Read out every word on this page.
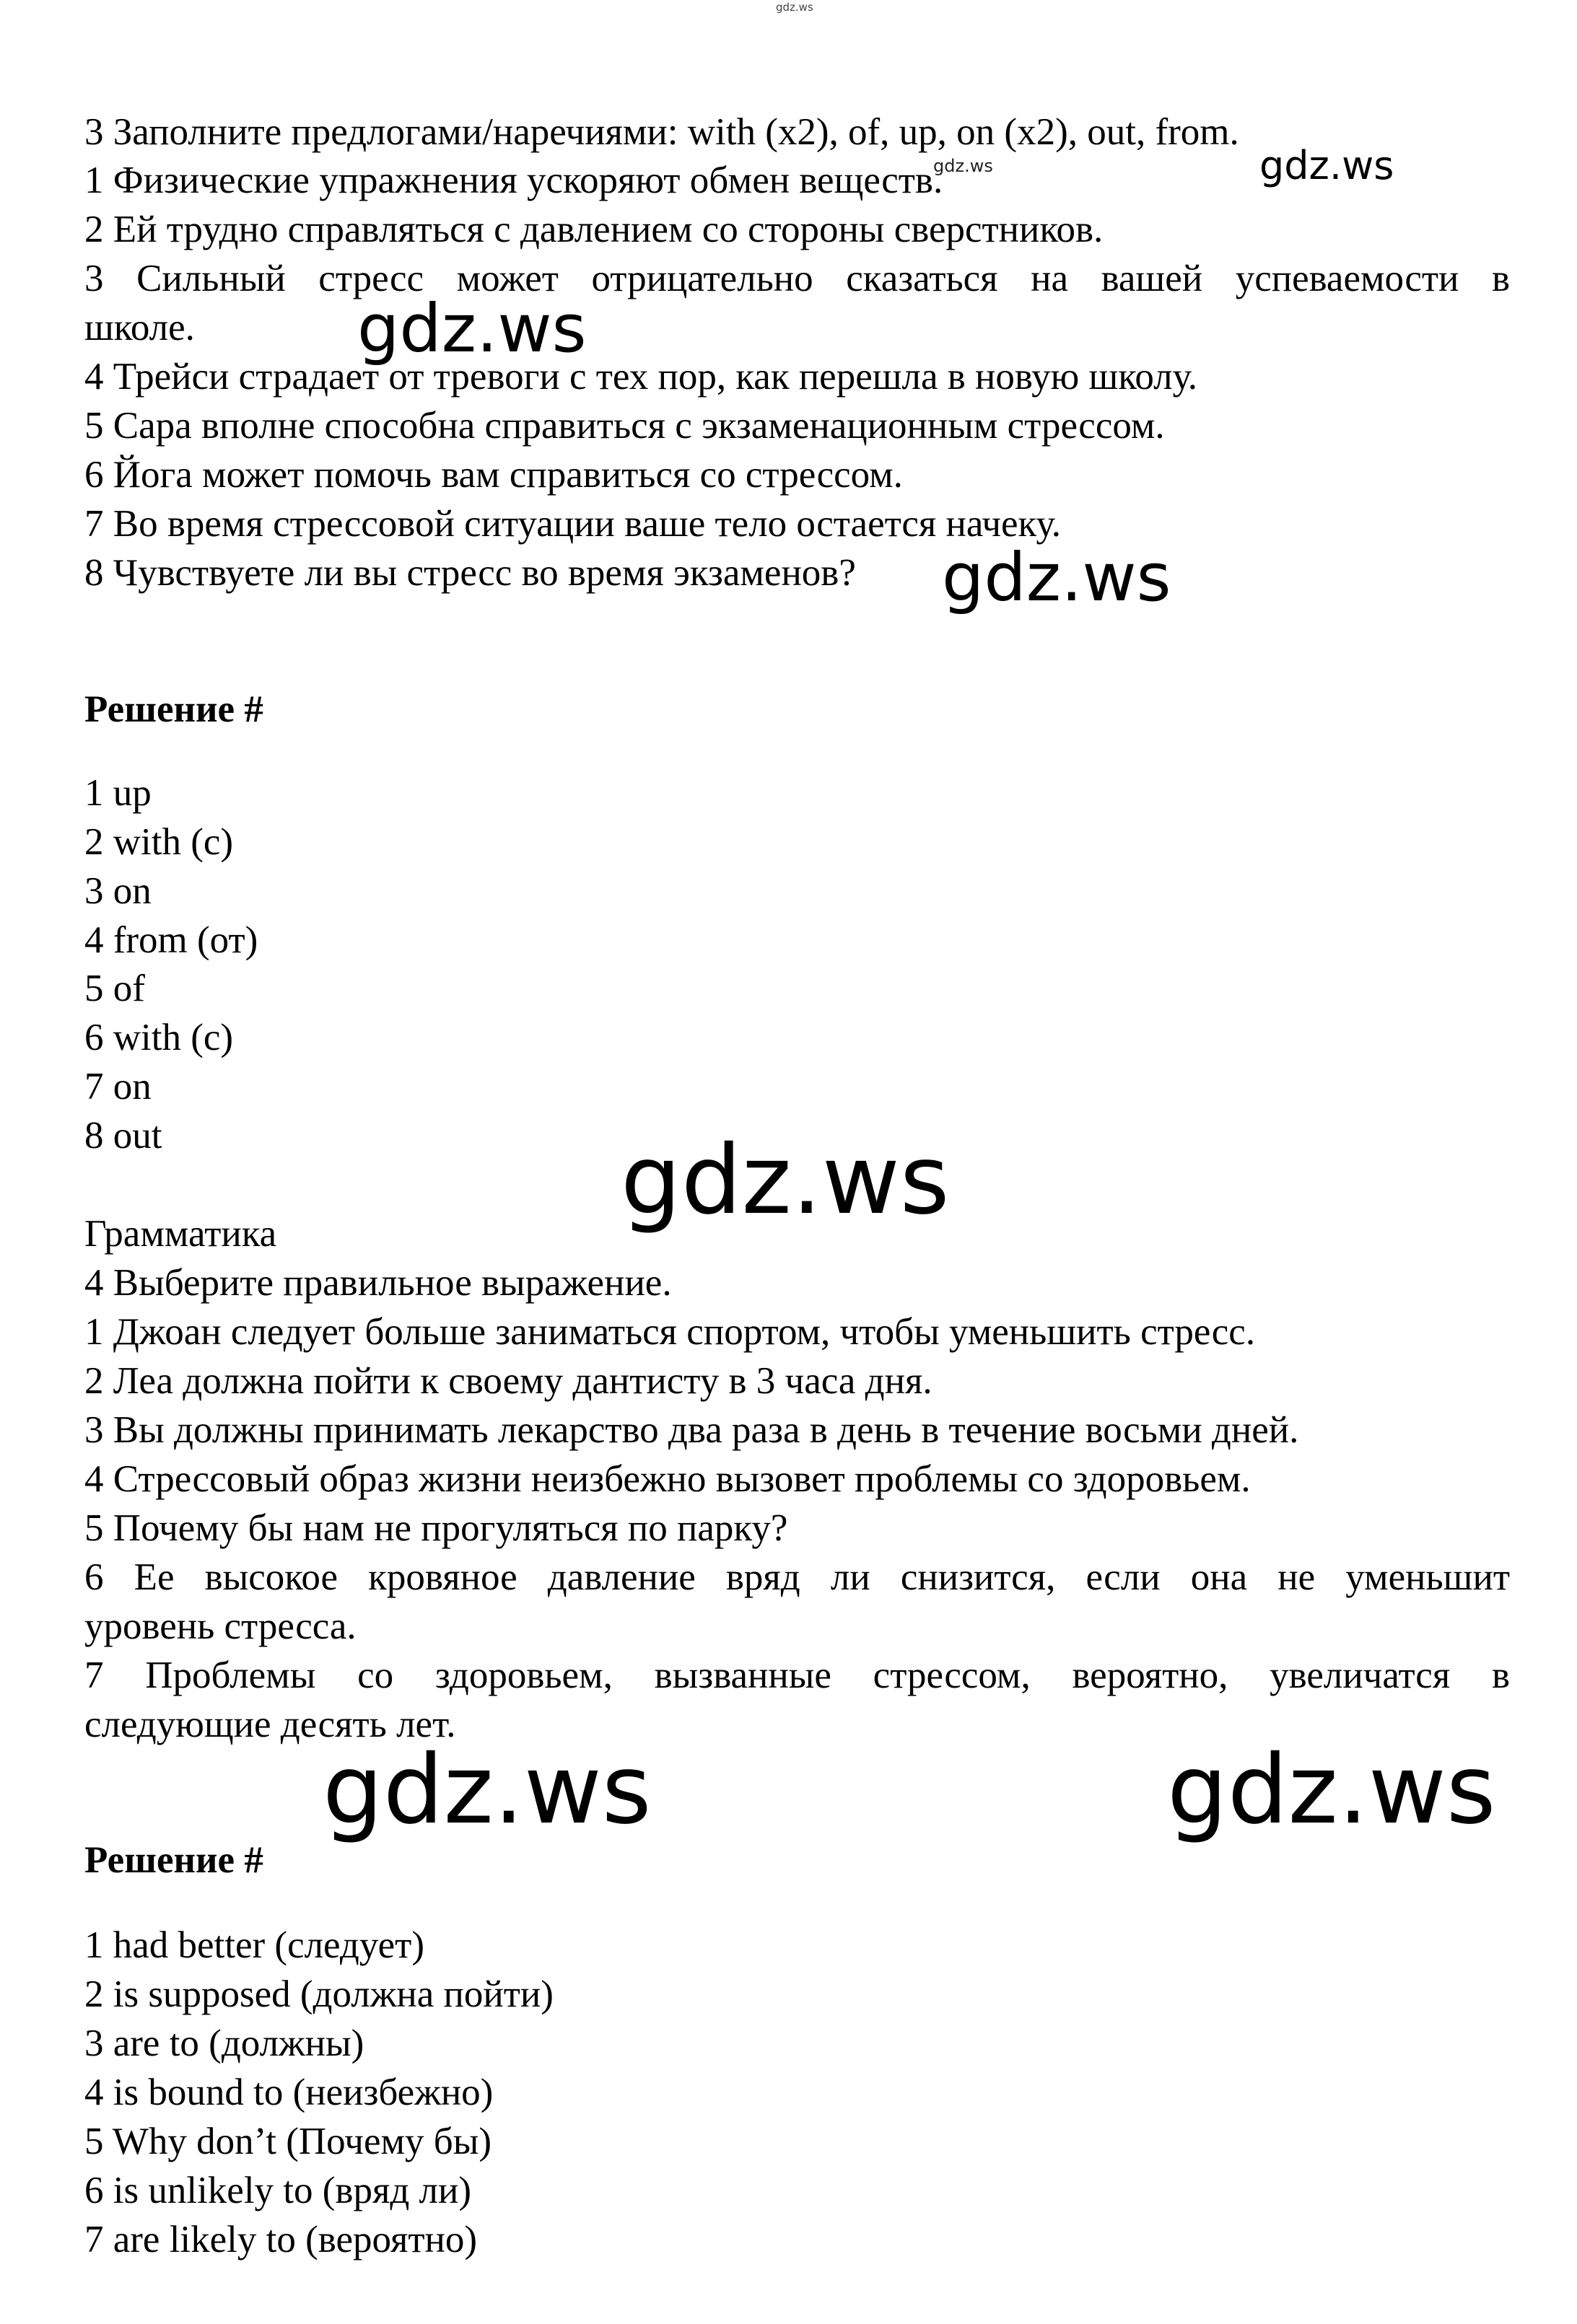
gdz.ws
gdz.ws	gdz.ws
gdz.ws
gdz.ws
gdz.ws
gdz.ws	gdz.ws
3 Заполните предлогами/наречиями: with (x2), of, up, on (x2), out, from.
1 Физические упражнения ускоряют обмен веществ.
2 Ей трудно справляться с давлением со стороны сверстников.
3 Сильный стресс может отрицательно сказаться на вашей успеваемости в
школе.
4 Трейси страдает от тревоги с тех пор, как перешла в новую школу.
5 Сара вполне способна справиться с экзаменационным стрессом.
6 Йога может помочь вам справиться со стрессом.
7 Во время стрессовой ситуации ваше тело остается начеку.
8 Чувствуете ли вы стресс во время экзаменов?
Решение #
1 up
2 with (с)
3 on
4 from (от)
5 of
6 with (с)
7 on
8 out
Грамматика
4 Выберите правильное выражение.
1 Джоан следует больше заниматься спортом, чтобы уменьшить стресс.
2 Леа должна пойти к своему дантисту в 3 часа дня.
3 Вы должны принимать лекарство два раза в день в течение восьми дней.
4 Стрессовый образ жизни неизбежно вызовет проблемы со здоровьем.
5 Почему бы нам не прогуляться по парку?
6 Ее высокое кровяное давление вряд ли снизится, если она не уменьшит
уровень стресса.
7 Проблемы со здоровьем, вызванные стрессом, вероятно, увеличатся в
следующие десять лет.
Решение #
1 had better (следует)
2 is supposed (должна пойти)
3 are to (должны)
4 is bound to (неизбежно)
5 Why don’t (Почему бы)
6 is unlikely to (вряд ли)
7 are likely to (вероятно)
